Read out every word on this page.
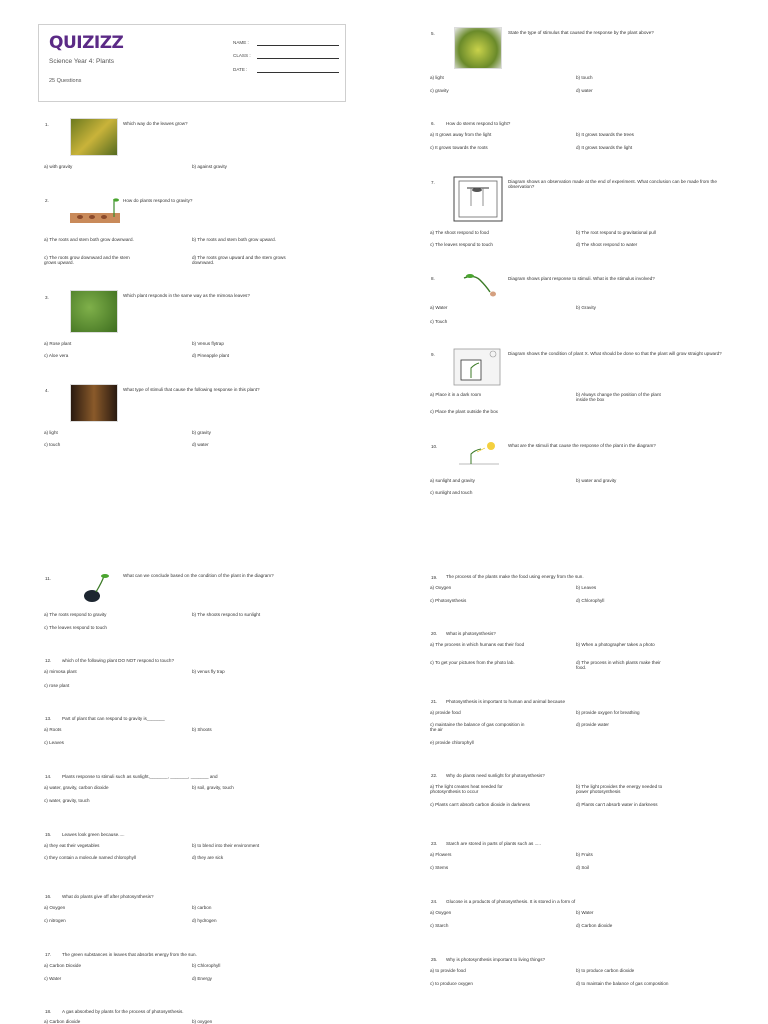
QUIZIZZ
Science Year 4: Plants
25 Questions
NAME :
CLASS :
DATE :
1.	Which way do the leaves grow?
a) with gravity	b) against gravity
2.	How do plants respond to gravity?
a) The roots and stem both grow downward.	b) The roots and stem both grow upward.
c) The roots grow downward and the stem grows upward.
d) The roots grow upward and the stem grows downward.
3.	Which plant responds in the same way as the mimosa leaves?
a) Rose plant	b) Venus flytrap
c) Aloe vera	d) Pineapple plant
4.	What type of stimuli that cause the following response in this plant?
a) light	b) gravity
c) touch	d) water
5.	State the type of stimulus that caused the response by the plant above?
a) light	b) touch
c) gravity	d) water
6. How do stems respond to light?
a) It grows away from the light	b) It grows towards the trees
c) It grows towards the roots	d) It grows towards the light
7.	Diagram shows an observation made at the end of experiment. What conclusion can be made from the observation?
a) The shoot respond to food	b) The root respond to gravitational pull
c) The leaves respond to touch	d) The shoot respond to water
8.	Diagram shows plant response to stimuli. What is the stimulus involved?
a) Water	b) Gravity
c) Touch
9.	Diagram shows the condition of plant X. What should be done so that the plant will grow straight upward?
a) Place it in a dark room	b) Always change the position of the plant inside the box
c) Place the plant outside the box
10.	What are the stimuli that cause the response of the plant in the diagram?
a) sunlight and gravity	b) water and gravity
c) sunlight and touch
11.
What can we conclude based on the condition of the plant in the diagram?
a) The roots respond to gravity	b) The shoots respond to sunlight
c) The leaves respond to touch
12. which of the following plant DO NOT respond to touch?
a) mimosa plant	b) venus fly trap
c) rose plant
13. Part of plant that can respond to gravity is_______
a) Roots	b) Shoots
c) Leaves
14. Plants response to stimuli such as sunlight,_______, _______, _______ and
a) water, gravity, carbon dioxide	b) soil, gravity, touch
c) water, gravity, touch
15. Leaves look green because.....
a) they eat their vegetables	b) to blend into their environment
c) they contain a molecule named chlorophyll	d) they are sick
16. What do plants give off after photosynthesis?
a) Oxygen	b) carbon
c) nitrogen	d) hydrogen
17. The green substances in leaves that absorbs energy from the sun.
a) Carbon Dioxide	b) Chlorophyll
c) Water	d) Energy
18. A gas absorbed by plants for the process of photosynthesis.
a) Carbon dioxide	b) oxygen
19. The process of the plants make the food using energy from the sun.
a) Oxygen	b) Leaves
c) Photosynthesis	d) Chlorophyll
20. What is photosynthesis?
a) The process in which humans eat their food	b) When a photographer takes a photo
c) To get your pictures from the photo lab.	d) The process in which plants make their food.
21. Photosynthesis is important to human and animal because
a) provide food	b) provide oxygen for breathing
c) maintaine the balance of gas composition in the air
d) provide water
e) provide chlorophyll
22. Why do plants need sunlight for photosynthesis?
a) The light creates heat needed for photosynthesis to occur
b) The light provides the energy needed to power photosynthesis
c) Plants can't absorb carbon dioxide in darkness	d) Plants can't absorb water in darkness
23. Starch are stored in parts of plants such as .....
a) Flowers	b) Fruits
c) Stems	d) Soil
24. Glucose is a products of photosynthesis. It is stored in a form of
a) Oxygen	b) Water
c) Starch	d) Carbon dioxide
25. Why is photosynthesis important to living things?
a) to provide food	b) to produce carbon dioxide
c) to produce oxygen	d) to maintain the balance of gas composition
